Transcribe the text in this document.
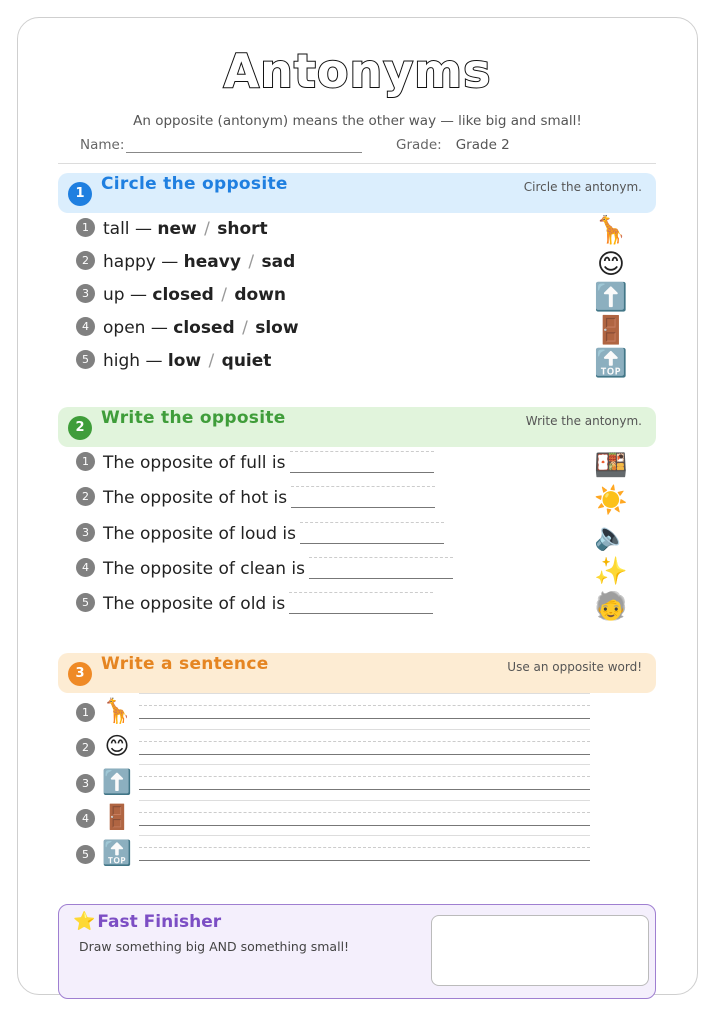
Antonyms
An opposite (antonym) means the other way — like big and small!
Name:	Grade: Grade 2
1 Circle the opposite	Circle the antonym.
1 tall — new / short
2 happy — heavy / sad
3 up — closed / down
4 open — closed / slow
5 high — low / quiet
🦒
😊
⬆️
🚪
🔝
2 Write the opposite	Write the antonym.
1 The opposite of full is
2 The opposite of hot is
3 The opposite of loud is
4 The opposite of clean is
5 The opposite of old is
🍱
☀️
🔈
✨
🧓
3 Write a sentence	Use an opposite word!
1
2
3
4
5
🦒
😊
⬆️
🚪
🔝
⭐ Fast Finisher
Draw something big AND something small!
